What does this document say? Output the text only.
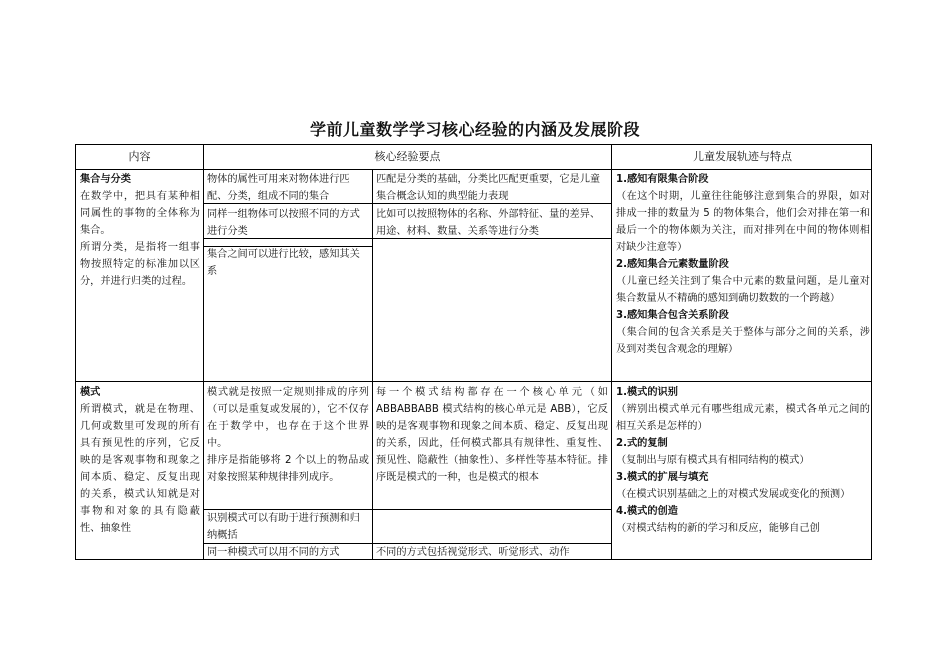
学前儿童数学学习核心经验的内涵及发展阶段
内容	核心经验要点	儿童发展轨迹与特点

集合与分类

在数学中，把具有某种相同属性的事物的全体称为集合。

所谓分类，是指将一组事物按照特定的标准加以区分，并进行归类的过程。

物体的属性可用来对物体进行匹配、分类，组成不同的集合
同样一组物体可以按照不同的方式进行分类
集合之间可以进行比较，感知其关系
匹配是分类的基础，分类比匹配更重要，它是儿童集合概念认知的典型能力表现
比如可以按照物体的名称、外部特征、量的差异、用途、材料、数量、关系等进行分类

1.感知有限集合阶段

（在这个时期，儿童往往能够注意到集合的界限，如对排成一排的数量为 5 的物体集合，他们会对排在第一和最后一个的物体颇为关注，而对排列在中间的物体则相对缺少注意等）

2.感知集合元素数量阶段

（儿童已经关注到了集合中元素的数量问题，是儿童对集合数量从不精确的感知到确切数数的一个跨越）

3.感知集合包含关系阶段

（集合间的包含关系是关于整体与部分之间的关系，涉及到对类包含观念的理解）

模式

所谓模式，就是在物理、几何或数里可发现的所有具有预见性的序列，它反映的是客观事物和现象之间本质、稳定、反复出现的关系，模式认知就是对事物和对象的具有隐蔽性、抽象性

模式就是按照一定规则排成的序列（可以是重复或发展的），它不仅存在于数学中，也存在于这个世界中。

排序是指能够将 2 个以上的物品或对象按照某种规律排列成序。

识别模式可以有助于进行预测和归纳概括
同一种模式可以用不同的方式
每一个模式结构都存在一个核心单元（如 ABBABBABB 模式结构的核心单元是 ABB），它反映的是客观事物和现象之间本质、稳定、反复出现的关系，因此，任何模式都具有规律性、重复性、预见性、隐蔽性（抽象性）、多样性等基本特征。排序既是模式的一种，也是模式的根本
不同的方式包括视觉形式、听觉形式、动作

1.模式的识别

（辨别出模式单元有哪些组成元素，模式各单元之间的相互关系是怎样的）

2.式的复制

（复制出与原有模式具有相同结构的模式）

3.模式的扩展与填充

（在模式识别基础之上的对模式发展或变化的预测）

4.模式的创造

（对模式结构的新的学习和反应，能够自己创
